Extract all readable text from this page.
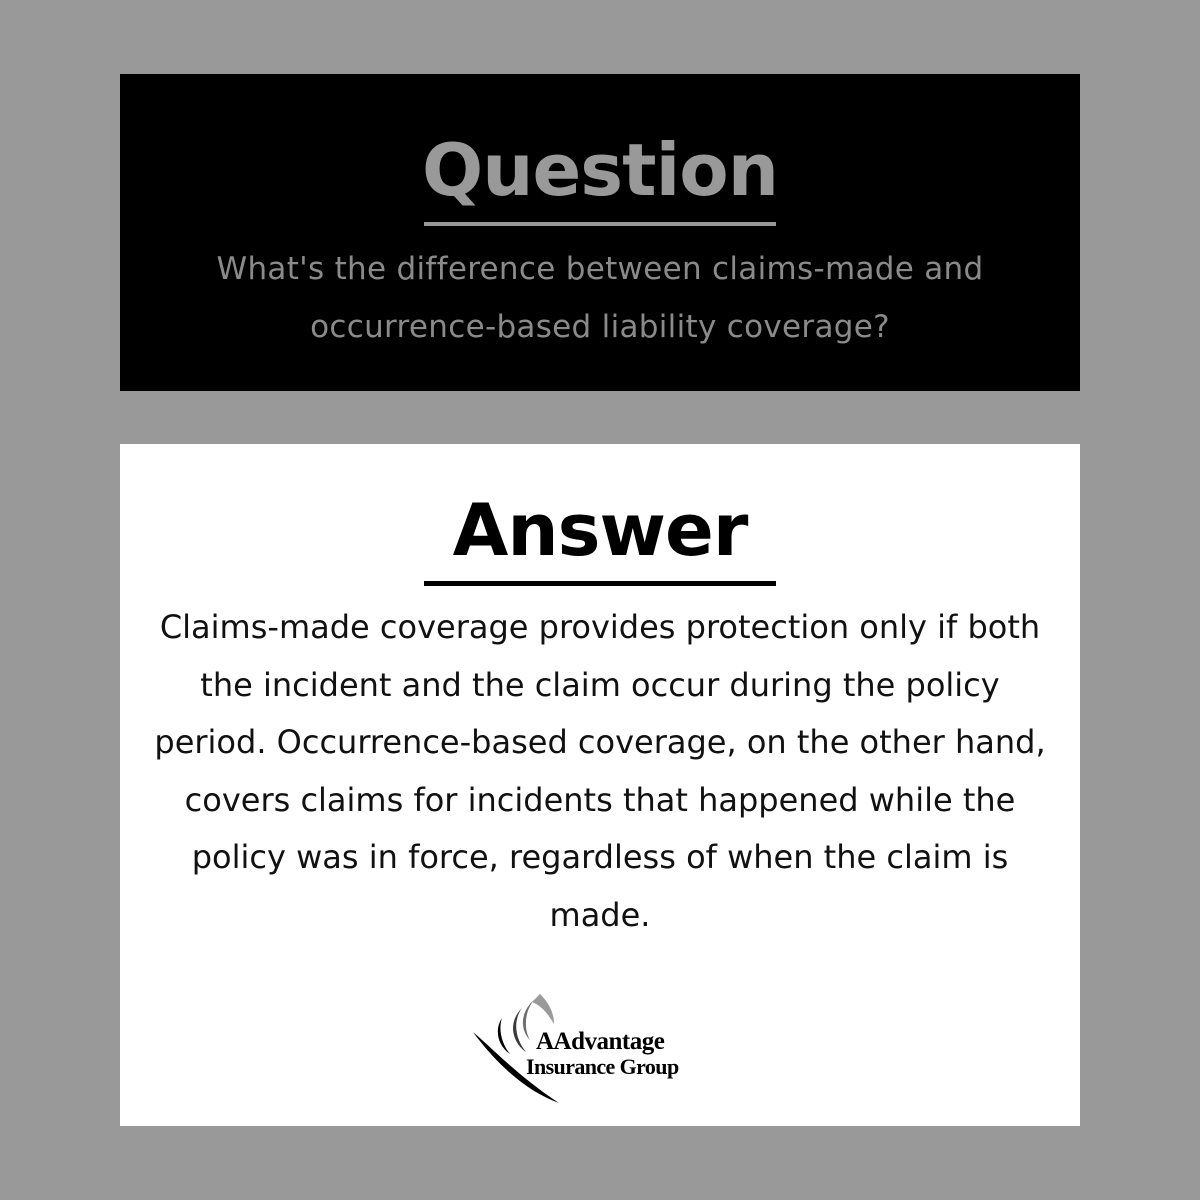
Question

What's the difference between claims-made and occurrence-based liability coverage?

Answer

Claims-made coverage provides protection only if both the incident and the claim occur during the policy period. Occurrence-based coverage, on the other hand, covers claims for incidents that happened while the policy was in force, regardless of when the claim is made.

AAdvantage
Insurance Group
